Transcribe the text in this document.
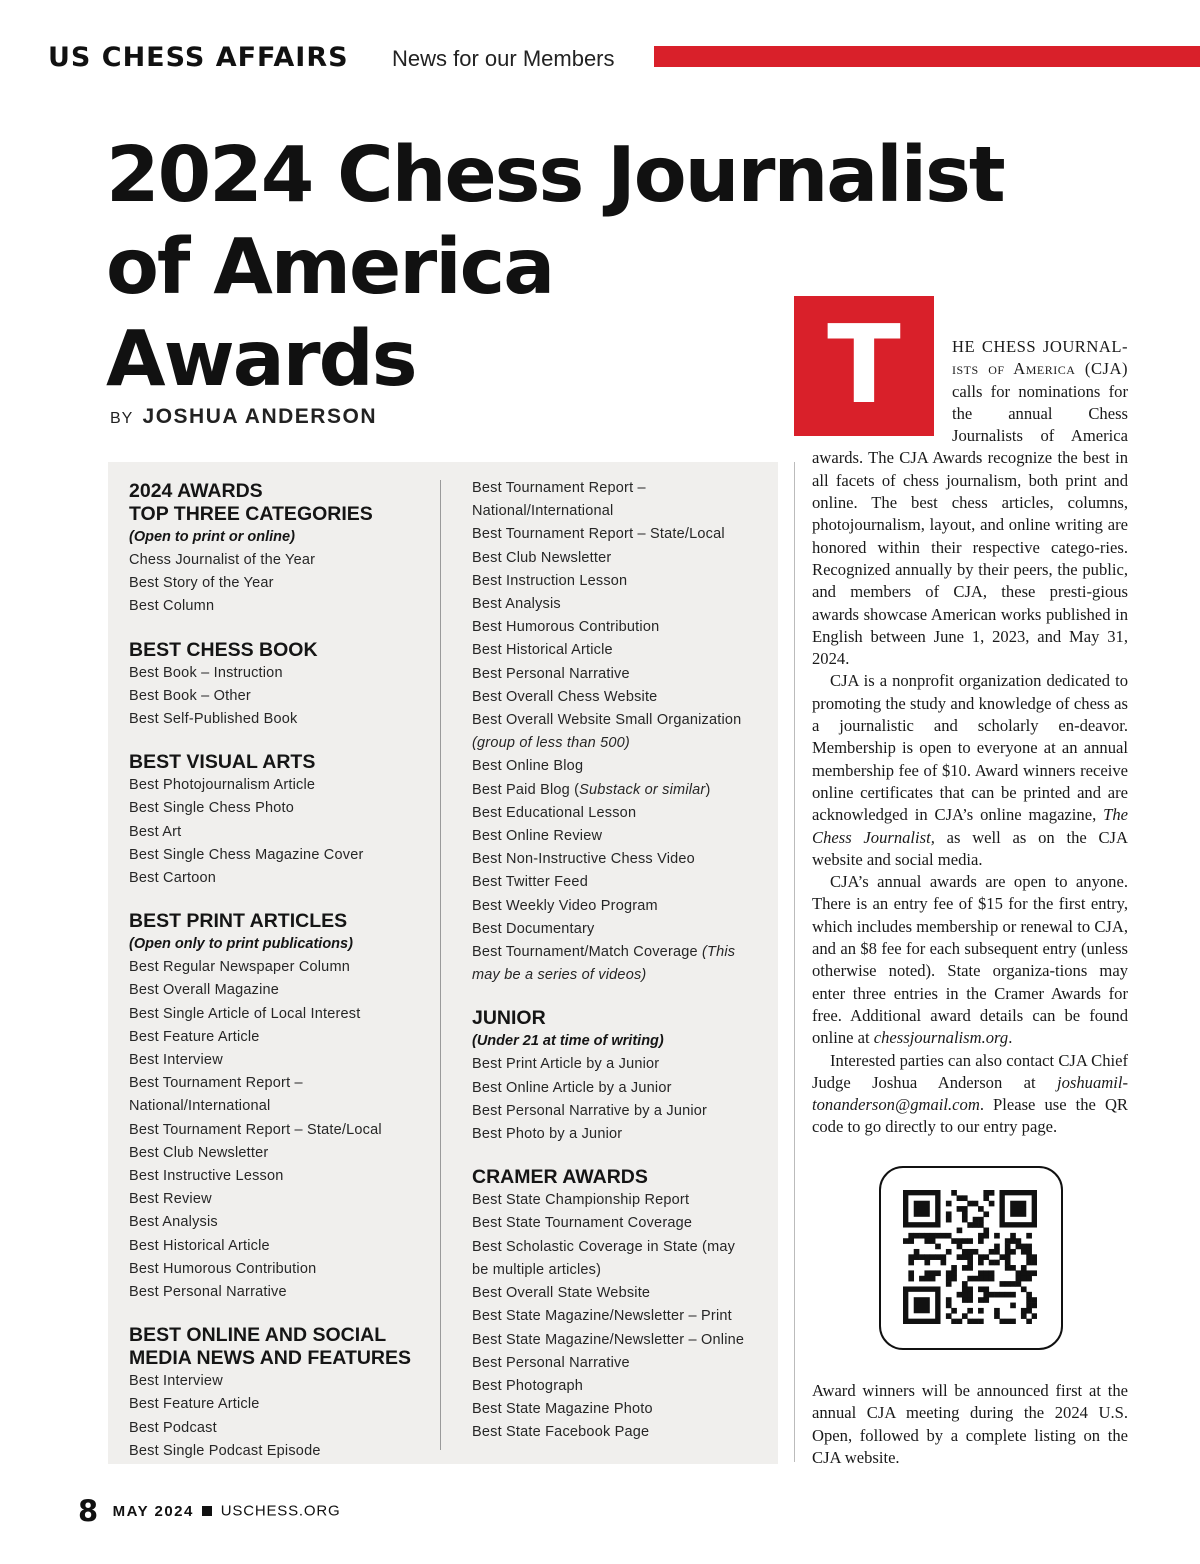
US CHESS AFFAIRS News for our Members
2024 Chess Journalist
of America
Awards
BY JOSHUA ANDERSON
2024 AWARDS
TOP THREE CATEGORIES
(Open to print or online)
Chess Journalist of the Year
Best Story of the Year
Best Column
BEST CHESS BOOK
Best Book – Instruction
Best Book – Other
Best Self-Published Book
BEST VISUAL ARTS
Best Photojournalism Article
Best Single Chess Photo
Best Art
Best Single Chess Magazine Cover
Best Cartoon
BEST PRINT ARTICLES
(Open only to print publications)
Best Regular Newspaper Column
Best Overall Magazine
Best Single Article of Local Interest
Best Feature Article
Best Interview
Best Tournament Report –
National/International
Best Tournament Report – State/Local
Best Club Newsletter
Best Instructive Lesson
Best Review
Best Analysis
Best Historical Article
Best Humorous Contribution
Best Personal Narrative
BEST ONLINE AND SOCIAL
MEDIA NEWS AND FEATURES
Best Interview
Best Feature Article
Best Podcast
Best Single Podcast Episode
Best Tournament Report –
National/International
Best Tournament Report – State/Local
Best Club Newsletter
Best Instruction Lesson
Best Analysis
Best Humorous Contribution
Best Historical Article
Best Personal Narrative
Best Overall Chess Website
Best Overall Website Small Organization
(group of less than 500)
Best Online Blog
Best Paid Blog (Substack or similar)
Best Educational Lesson
Best Online Review
Best Non-Instructive Chess Video
Best Twitter Feed
Best Weekly Video Program
Best Documentary
Best Tournament/Match Coverage (This
may be a series of videos)
JUNIOR
(Under 21 at time of writing)
Best Print Article by a Junior
Best Online Article by a Junior
Best Personal Narrative by a Junior
Best Photo by a Junior
CRAMER AWARDS
Best State Championship Report
Best State Tournament Coverage
Best Scholastic Coverage in State (may
be multiple articles)
Best Overall State Website
Best State Magazine/Newsletter – Print
Best State Magazine/Newsletter – Online
Best Personal Narrative
Best Photograph
Best State Magazine Photo
Best State Facebook Page
T	HE CHESS JOURNAL-ists of America (CJA) calls for nominations for the annual Chess Journalists of America awards. The CJA Awards recognize the best in all facets of chess journalism, both print and online. The best chess articles, columns, photojournalism, layout, and online writing are honored within their respective catego-ries. Recognized annually by their peers, the public, and members of CJA, these presti-gious awards showcase American works published in English between June 1, 2023, and May 31, 2024.

CJA is a nonprofit organization dedicated to promoting the study and knowledge of chess as a journalistic and scholarly en-deavor. Membership is open to everyone at an annual membership fee of $10. Award winners receive online certificates that can be printed and are acknowledged in CJA’s online magazine, The Chess Journalist, as well as on the CJA website and social media.

CJA’s annual awards are open to anyone. There is an entry fee of $15 for the first entry, which includes membership or renewal to CJA, and an $8 fee for each subsequent entry (unless otherwise noted). State organiza-tions may enter three entries in the Cramer Awards for free. Additional award details can be found online at chessjournalism.org.

Interested parties can also contact CJA Chief Judge Joshua Anderson at joshuamil-tonanderson@gmail.com. Please use the QR code to go directly to our entry page.

Award winners will be announced first at the annual CJA meeting during the 2024 U.S. Open, followed by a complete listing on the CJA website.
8 MAY 2024 USCHESS.ORG
